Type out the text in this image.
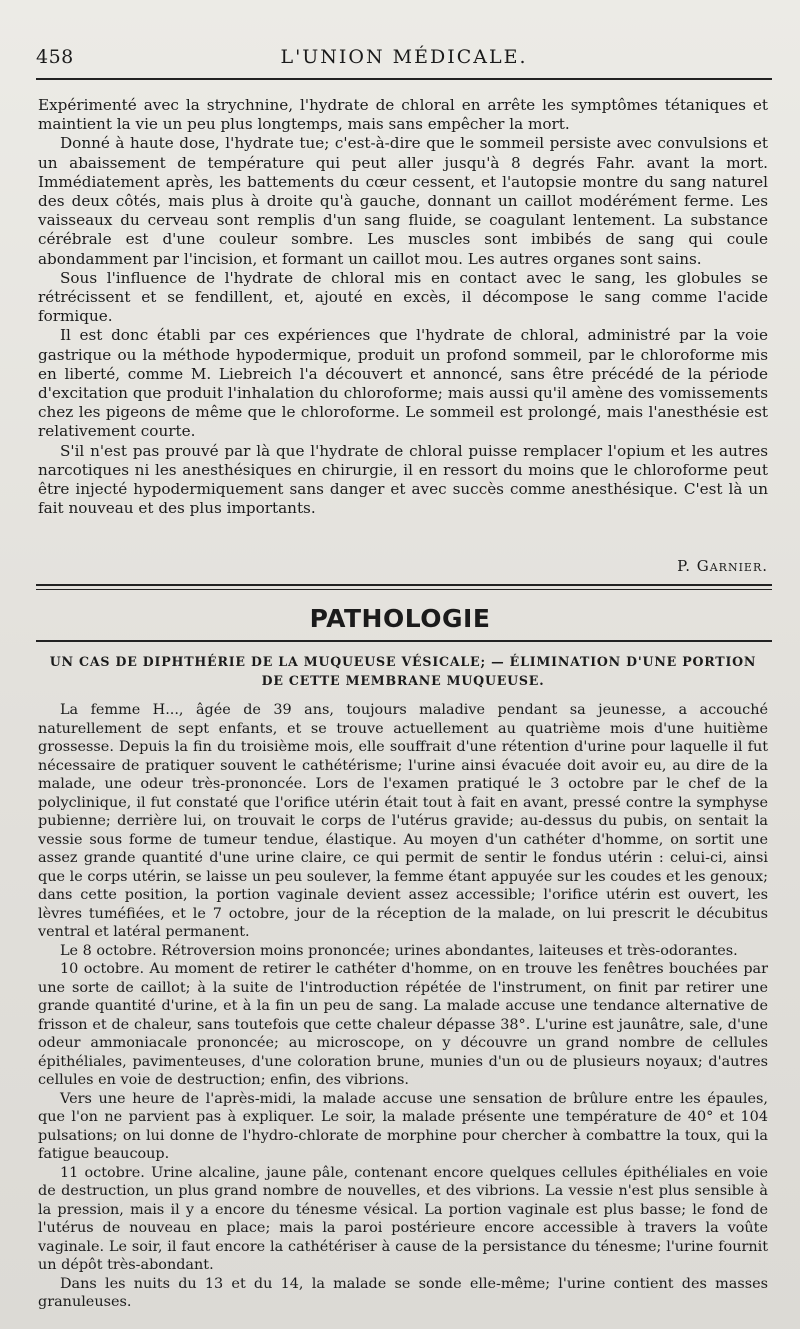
458	L'UNION MÉDICALE.

Expérimenté avec la strychnine, l'hydrate de chloral en arrête les symptômes tétaniques et maintient la vie un peu plus longtemps, mais sans empêcher la mort.

Donné à haute dose, l'hydrate tue; c'est-à-dire que le sommeil persiste avec convulsions et un abaissement de température qui peut aller jusqu'à 8 degrés Fahr. avant la mort. Immédiatement après, les battements du cœur cessent, et l'autopsie montre du sang naturel des deux côtés, mais plus à droite qu'à gauche, donnant un caillot modérément ferme. Les vaisseaux du cerveau sont remplis d'un sang fluide, se coagulant lentement. La substance cérébrale est d'une couleur sombre. Les muscles sont imbibés de sang qui coule abondamment par l'incision, et formant un caillot mou. Les autres organes sont sains.

Sous l'influence de l'hydrate de chloral mis en contact avec le sang, les globules se rétrécissent et se fendillent, et, ajouté en excès, il décompose le sang comme l'acide formique.

Il est donc établi par ces expériences que l'hydrate de chloral, administré par la voie gastrique ou la méthode hypodermique, produit un profond sommeil, par le chloroforme mis en liberté, comme M. Liebreich l'a découvert et annoncé, sans être précédé de la période d'excitation que produit l'inhalation du chloroforme; mais aussi qu'il amène des vomissements chez les pigeons de même que le chloroforme. Le sommeil est prolongé, mais l'anesthésie est relativement courte.

S'il n'est pas prouvé par là que l'hydrate de chloral puisse remplacer l'opium et les autres narcotiques ni les anesthésiques en chirurgie, il en ressort du moins que le chloroforme peut être injecté hypodermiquement sans danger et avec succès comme anesthésique. C'est là un fait nouveau et des plus importants.

P. Garnier.
PATHOLOGIE
UN CAS DE DIPHTHÉRIE DE LA MUQUEUSE VÉSICALE; — ÉLIMINATION D'UNE PORTION
DE CETTE MEMBRANE MUQUEUSE.

La femme H..., âgée de 39 ans, toujours maladive pendant sa jeunesse, a accouché naturellement de sept enfants, et se trouve actuellement au quatrième mois d'une huitième grossesse. Depuis la fin du troisième mois, elle souffrait d'une rétention d'urine pour laquelle il fut nécessaire de pratiquer souvent le cathétérisme; l'urine ainsi évacuée doit avoir eu, au dire de la malade, une odeur très-prononcée. Lors de l'examen pratiqué le 3 octobre par le chef de la polyclinique, il fut constaté que l'orifice utérin était tout à fait en avant, pressé contre la symphyse pubienne; derrière lui, on trouvait le corps de l'utérus gravide; au-dessus du pubis, on sentait la vessie sous forme de tumeur tendue, élastique. Au moyen d'un cathéter d'homme, on sortit une assez grande quantité d'une urine claire, ce qui permit de sentir le fondus utérin : celui-ci, ainsi que le corps utérin, se laisse un peu soulever, la femme étant appuyée sur les coudes et les genoux; dans cette position, la portion vaginale devient assez accessible; l'orifice utérin est ouvert, les lèvres tuméfiées, et le 7 octobre, jour de la réception de la malade, on lui prescrit le décubitus ventral et latéral permanent.

Le 8 octobre. Rétroversion moins prononcée; urines abondantes, laiteuses et très-odorantes.

10 octobre. Au moment de retirer le cathéter d'homme, on en trouve les fenêtres bouchées par une sorte de caillot; à la suite de l'introduction répétée de l'instrument, on finit par retirer une grande quantité d'urine, et à la fin un peu de sang. La malade accuse une tendance alternative de frisson et de chaleur, sans toutefois que cette chaleur dépasse 38°. L'urine est jaunâtre, sale, d'une odeur ammoniacale prononcée; au microscope, on y découvre un grand nombre de cellules épithéliales, pavimenteuses, d'une coloration brune, munies d'un ou de plusieurs noyaux; d'autres cellules en voie de destruction; enfin, des vibrions.

Vers une heure de l'après-midi, la malade accuse une sensation de brûlure entre les épaules, que l'on ne parvient pas à expliquer. Le soir, la malade présente une température de 40° et 104 pulsations; on lui donne de l'hydro-chlorate de morphine pour chercher à combattre la toux, qui la fatigue beaucoup.

11 octobre. Urine alcaline, jaune pâle, contenant encore quelques cellules épithéliales en voie de destruction, un plus grand nombre de nouvelles, et des vibrions. La vessie n'est plus sensible à la pression, mais il y a encore du ténesme vésical. La portion vaginale est plus basse; le fond de l'utérus de nouveau en place; mais la paroi postérieure encore accessible à travers la voûte vaginale. Le soir, il faut encore la cathétériser à cause de la persistance du ténesme; l'urine fournit un dépôt très-abondant.

Dans les nuits du 13 et du 14, la malade se sonde elle-même; l'urine contient des masses granuleuses.
